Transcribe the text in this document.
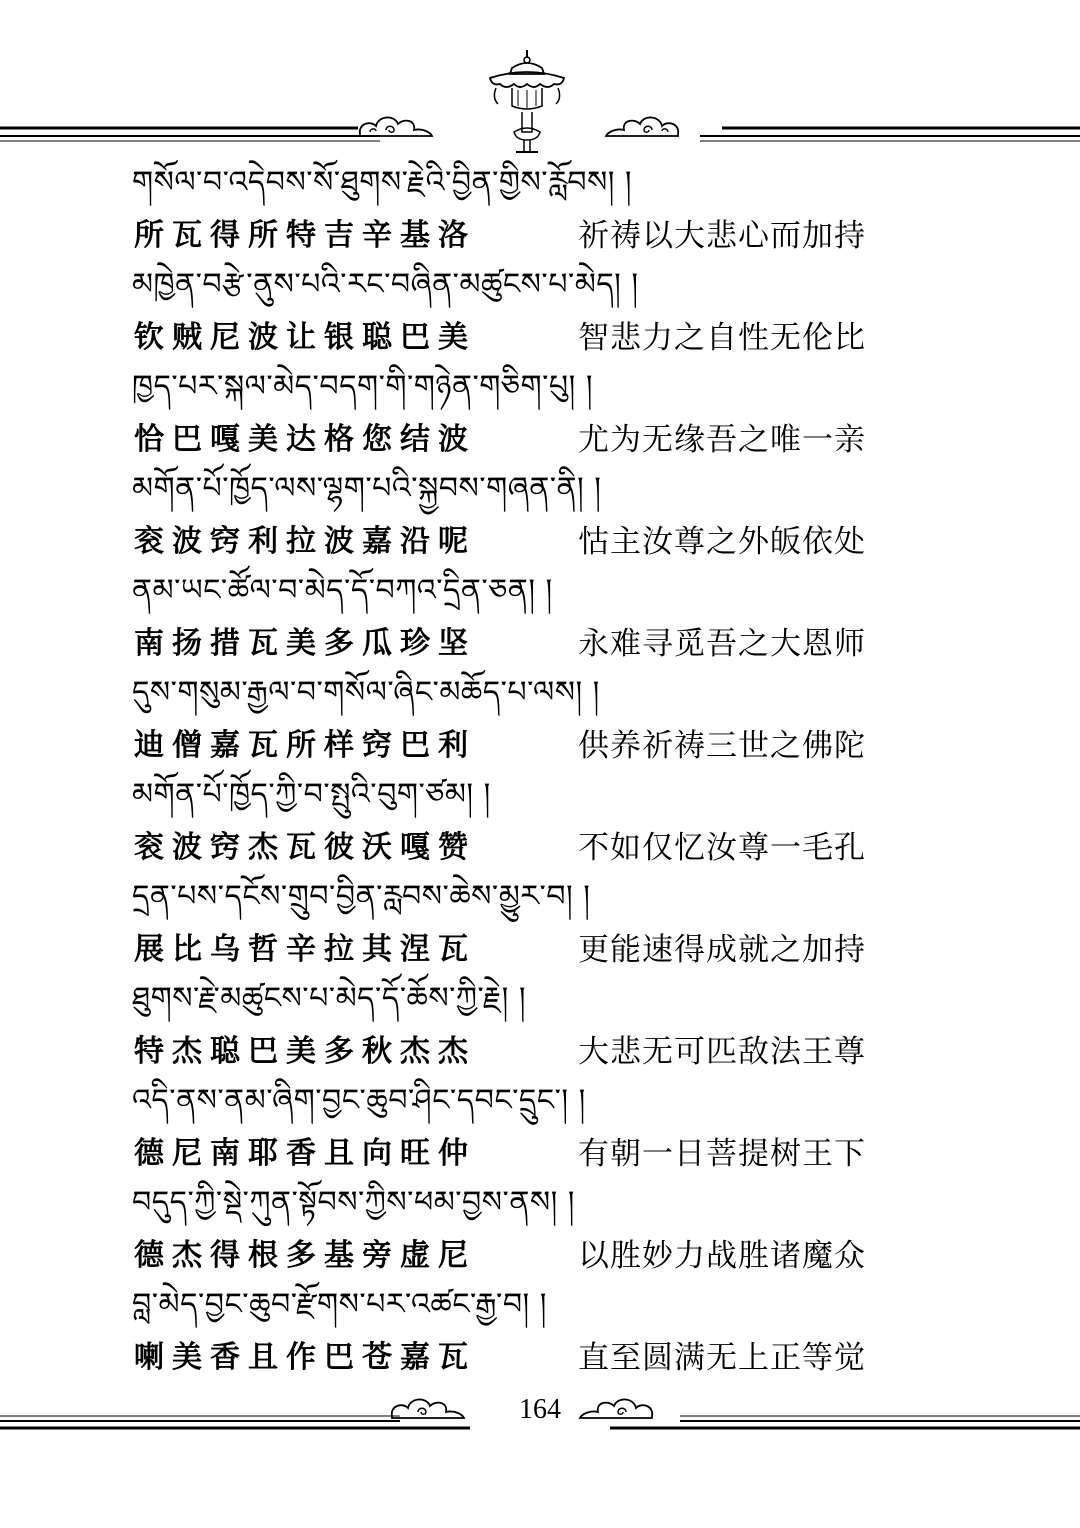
གསོལ་བ་འདེབས་སོ་ཐུགས་རྗེའི་བྱིན་གྱིས་རློབས། །
所瓦得所特吉辛基洛	祈祷以大悲心而加持
མཁྱེན་བརྩེ་ནུས་པའི་རང་བཞིན་མཚུངས་པ་མེད། །
钦贼尼波让银聪巴美	智悲力之自性无伦比
ཁྱད་པར་སྐལ་མེད་བདག་གི་གཉེན་གཅིག་པུ། །
恰巴嘎美达格您结波	尤为无缘吾之唯一亲
མགོན་པོ་ཁྱོད་ལས་ལྷག་པའི་སྐྱབས་གཞན་ནི། །
衮波窍利拉波嘉沿呢	怙主汝尊之外皈依处
ནམ་ཡང་ཚོལ་བ་མེད་དོ་བཀའ་དྲིན་ཅན། །
南扬措瓦美多瓜珍坚	永难寻觅吾之大恩师
དུས་གསུམ་རྒྱལ་བ་གསོལ་ཞིང་མཆོད་པ་ལས། །
迪僧嘉瓦所样窍巴利	供养祈祷三世之佛陀
མགོན་པོ་ཁྱོད་ཀྱི་བ་སྤུའི་བུག་ཙམ། །
衮波窍杰瓦彼沃嘎赞	不如仅忆汝尊一毛孔
དྲན་པས་དངོས་གྲུབ་བྱིན་རླབས་ཆེས་མྱུར་བ། །
展比乌哲辛拉其涅瓦	更能速得成就之加持
ཐུགས་རྗེ་མཚུངས་པ་མེད་དོ་ཆོས་ཀྱི་རྗེ། །
特杰聪巴美多秋杰杰	大悲无可匹敌法王尊
འདི་ནས་ནམ་ཞིག་བྱང་ཆུབ་ཤིང་དབང་དྲུང་། །
德尼南耶香且向旺仲	有朝一日菩提树王下
བདུད་ཀྱི་སྡེ་ཀུན་སྟོབས་ཀྱིས་ཕམ་བྱས་ནས། །
德杰得根多基旁虚尼	以胜妙力战胜诸魔众
བླ་མེད་བྱང་ཆུབ་རྫོགས་པར་འཚང་རྒྱ་བ། །
喇美香且作巴苍嘉瓦	直至圆满无上正等觉
164
